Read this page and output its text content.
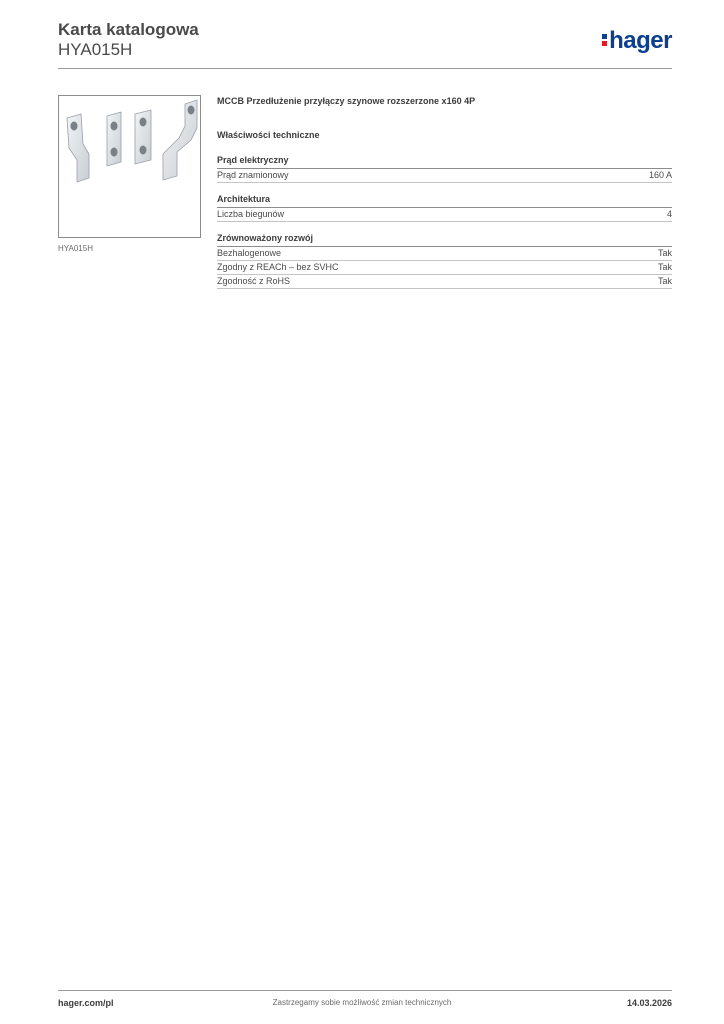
Karta katalogowa
HYA015H	hager
HYA015H
MCCB Przedłużenie przyłączy szynowe rozszerzone x160 4P
Właściwości techniczne
Prąd elektryczny
Prąd znamionowy	160 A
Architektura
Liczba biegunów	4
Zrównoważony rozwój
Bezhalogenowe	Tak
Zgodny z REACh – bez SVHC	Tak
Zgodność z RoHS	Tak
hager.com/pl	Zastrzegamy sobie możliwość zmian technicznych	14.03.2026
